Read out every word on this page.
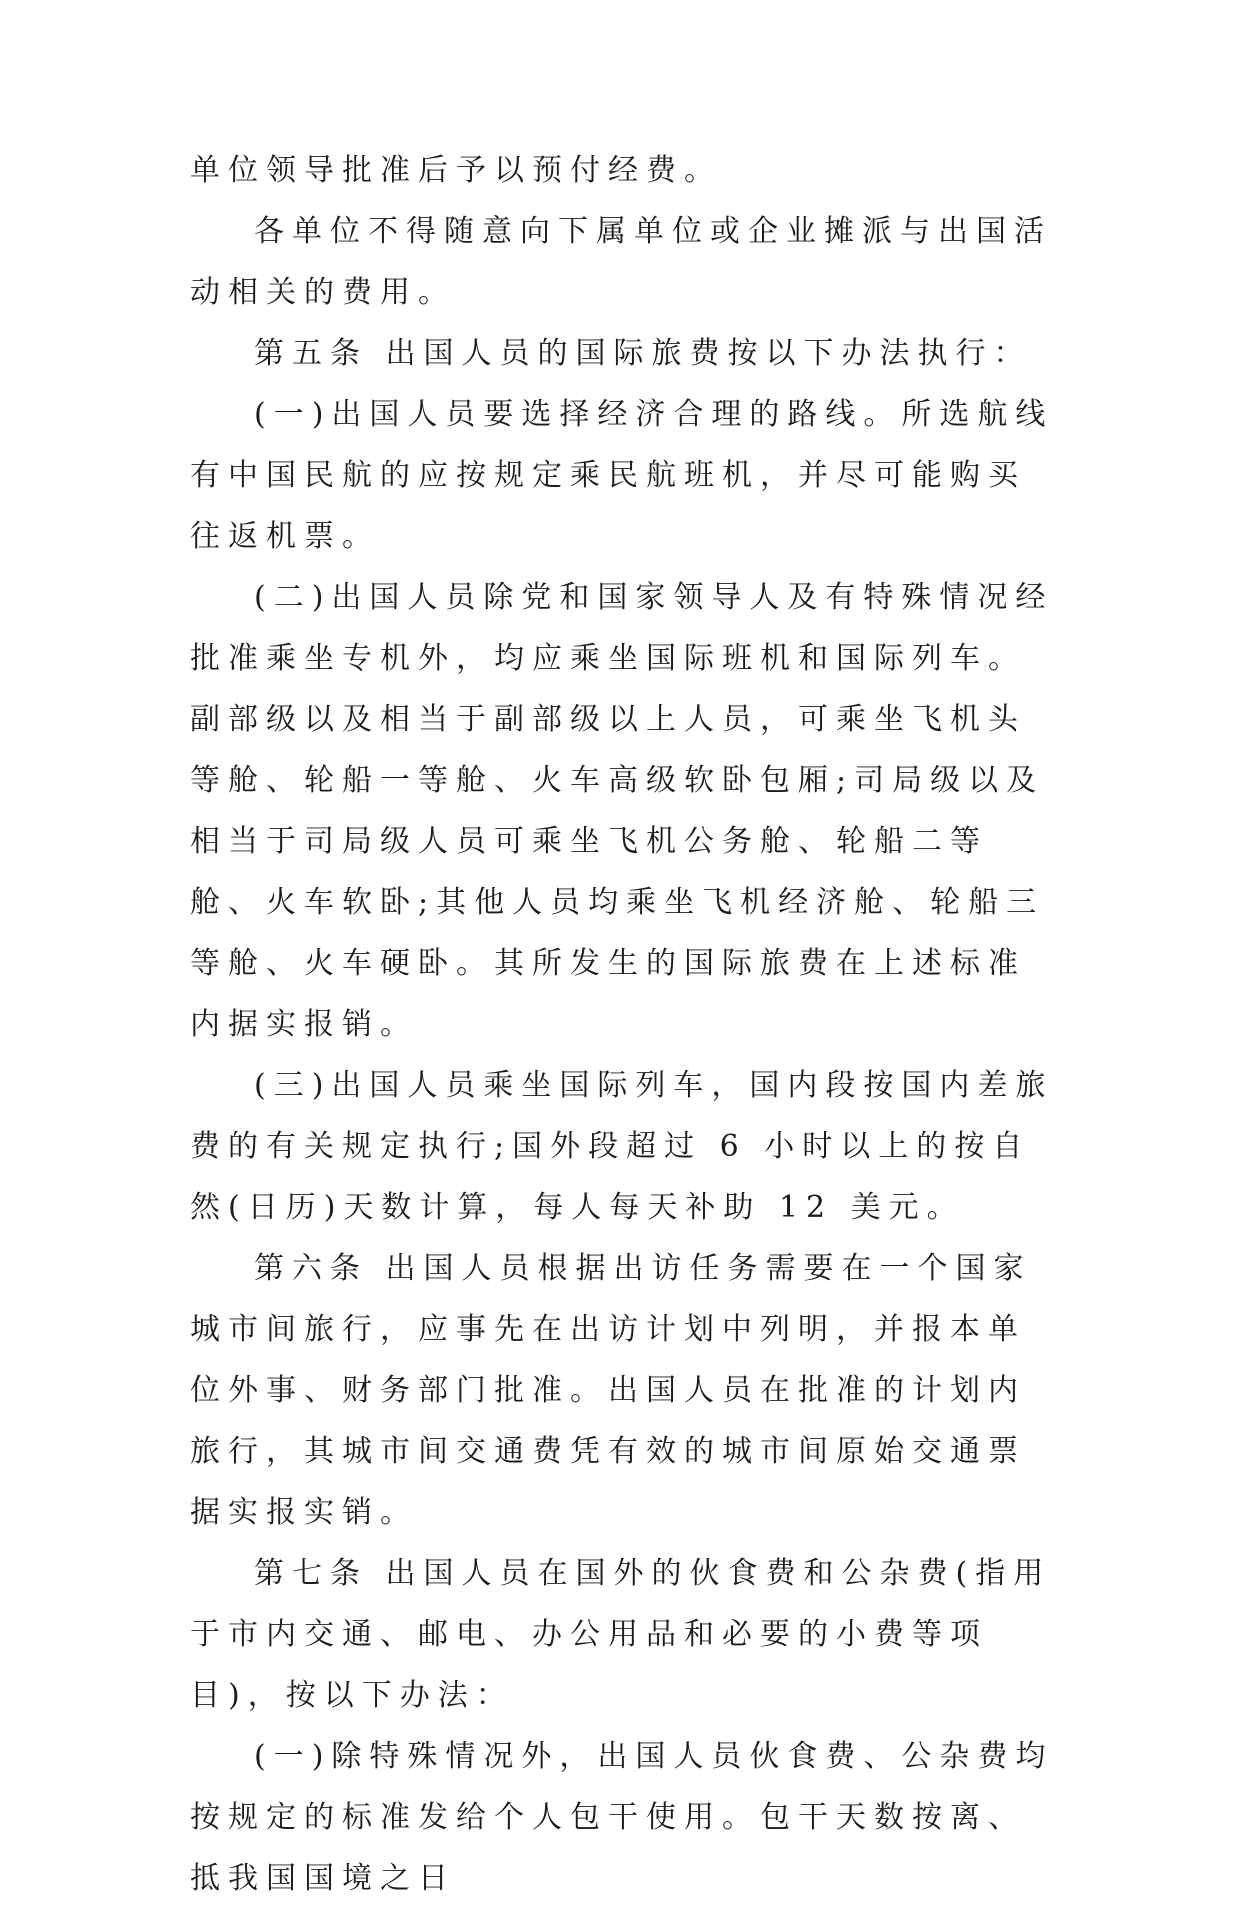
单位领导批准后予以预付经费。

各单位不得随意向下属单位或企业摊派与出国活动相关的费用。

第五条 出国人员的国际旅费按以下办法执行：

(一)出国人员要选择经济合理的路线。所选航线有中国民航的应按规定乘民航班机，并尽可能购买往返机票。

(二)出国人员除党和国家领导人及有特殊情况经批准乘坐专机外，均应乘坐国际班机和国际列车。副部级以及相当于副部级以上人员，可乘坐飞机头等舱、轮船一等舱、火车高级软卧包厢;司局级以及相当于司局级人员可乘坐飞机公务舱、轮船二等舱、火车软卧;其他人员均乘坐飞机经济舱、轮船三等舱、火车硬卧。其所发生的国际旅费在上述标准内据实报销。

(三)出国人员乘坐国际列车，国内段按国内差旅费的有关规定执行;国外段超过 6 小时以上的按自然(日历)天数计算，每人每天补助 12 美元。

第六条 出国人员根据出访任务需要在一个国家城市间旅行，应事先在出访计划中列明，并报本单位外事、财务部门批准。出国人员在批准的计划内旅行，其城市间交通费凭有效的城市间原始交通票据实报实销。

第七条 出国人员在国外的伙食费和公杂费(指用于市内交通、邮电、办公用品和必要的小费等项目)，按以下办法：

(一)除特殊情况外，出国人员伙食费、公杂费均按规定的标准发给个人包干使用。包干天数按离、抵我国国境之日
